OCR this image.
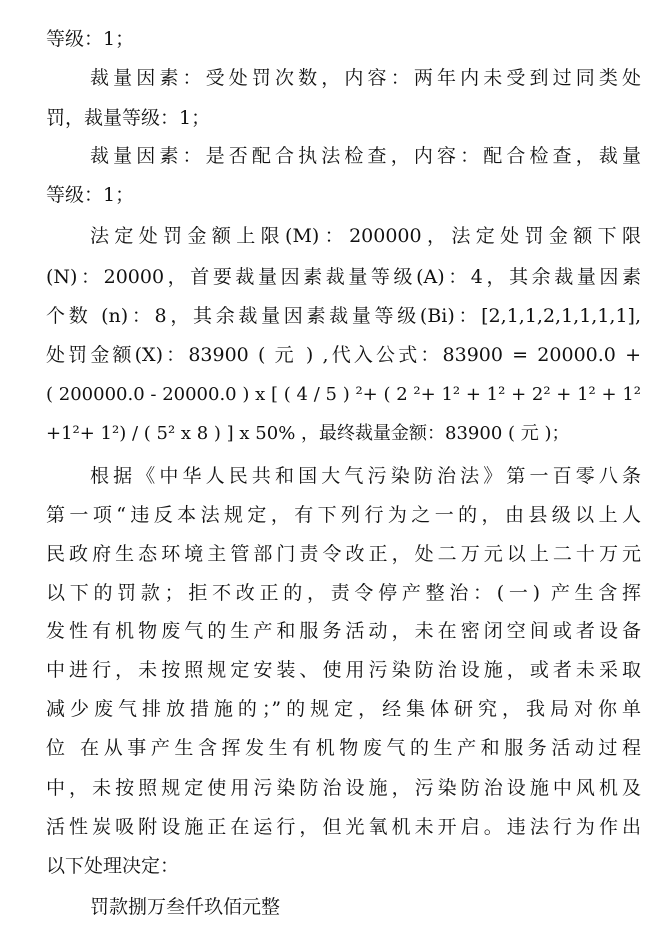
等级：1；
裁量因素：受处罚次数，内容：两年内未受到过同类处
罚，裁量等级：1；
裁量因素：是否配合执法检查，内容：配合检查，裁量
等级：1；
法定处罚金额上限(M)：200000，法定处罚金额下限
(N)：20000，首要裁量因素裁量等级(A)：4，其余裁量因素
个数 (n)：8，其余裁量因素裁量等级(Bi)：[2,1,1,2,1,1,1,1],
处罚金额(X)：83900 ( 元 ) ,代入公式：83900 = 20000.0 +
( 200000.0 - 20000.0 ) x [ ( 4 / 5 ) ²+ ( 2 ²+ 1² + 1² + 2² + 1² + 1²
+1²+ 1²) / ( 5² x 8 ) ] x 50% ，最终裁量金额：83900 ( 元 )；
根据《中华人民共和国大气污染防治法》第一百零八条
第一项“违反本法规定，有下列行为之一的，由县级以上人
民政府生态环境主管部门责令改正，处二万元以上二十万元
以下的罚款；拒不改正的，责令停产整治：(一) 产生含挥
发性有机物废气的生产和服务活动，未在密闭空间或者设备
中进行，未按照规定安装、使用污染防治设施，或者未采取
减少废气排放措施的；”的规定，经集体研究，我局对你单
位 在从事产生含挥发生有机物废气的生产和服务活动过程
中，未按照规定使用污染防治设施，污染防治设施中风机及
活性炭吸附设施正在运行，但光氧机未开启。违法行为作出
以下处理决定：
罚款捌万叁仟玖佰元整
